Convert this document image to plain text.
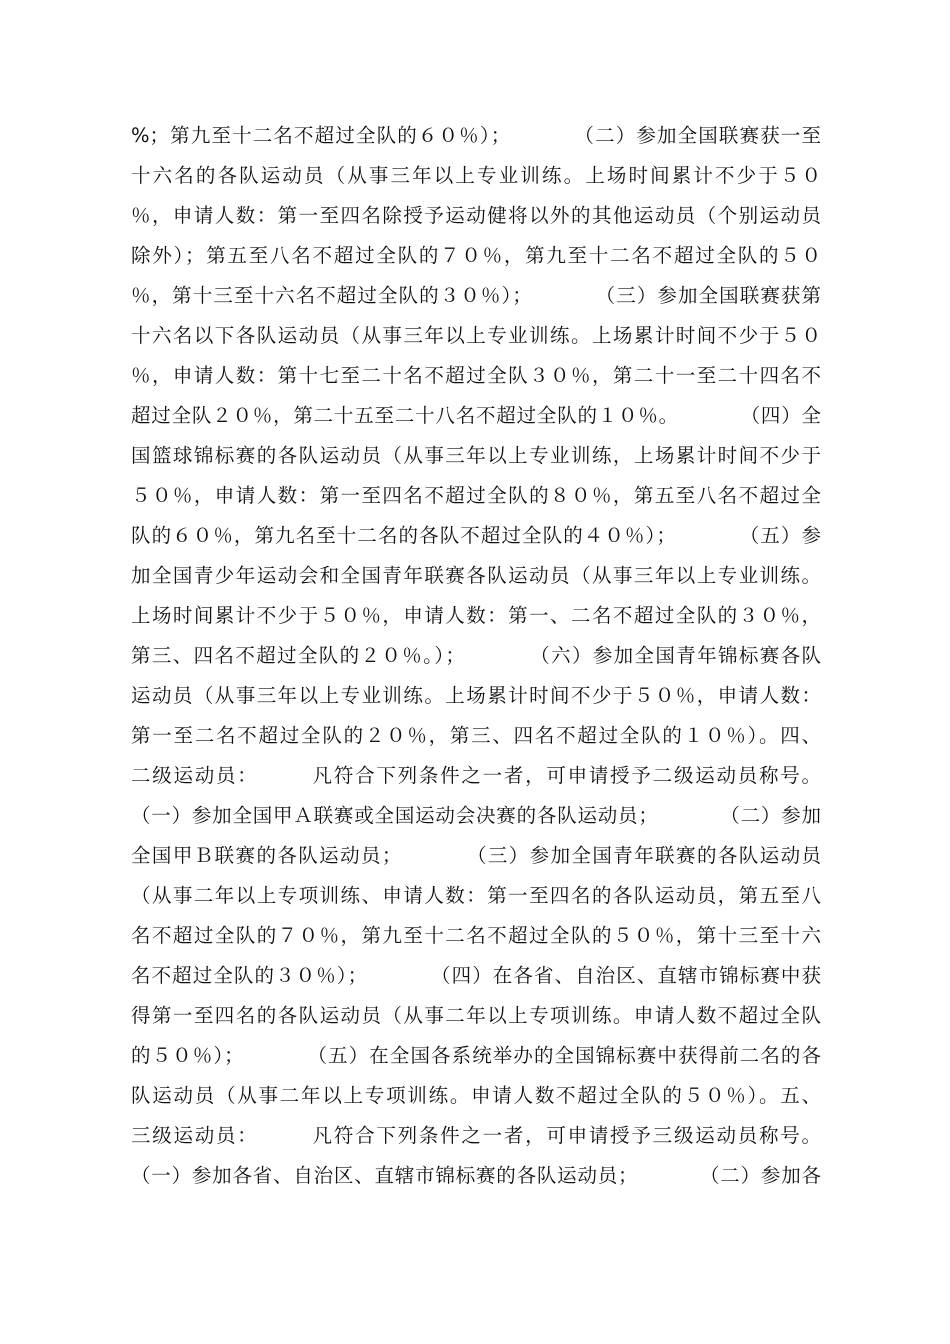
%；第九至十二名不超过全队的６０％）；　　　　（二）参加全国联赛获一至
十六名的各队运动员（从事三年以上专业训练。上场时间累计不少于５０
％，申请人数：第一至四名除授予运动健将以外的其他运动员（个别运动员
除外）；第五至八名不超过全队的７０％，第九至十二名不超过全队的５０
％，第十三至十六名不超过全队的３０％）；　　　　（三）参加全国联赛获第
十六名以下各队运动员（从事三年以上专业训练。上场累计时间不少于５０
％，申请人数：第十七至二十名不超过全队３０％，第二十一至二十四名不
超过全队２０％，第二十五至二十八名不超过全队的１０％。　　　　（四）全
国篮球锦标赛的各队运动员（从事三年以上专业训练，上场累计时间不少于
５０％，申请人数：第一至四名不超过全队的８０％，第五至八名不超过全
队的６０％，第九名至十二名的各队不超过全队的４０％）；　　　　（五）参
加全国青少年运动会和全国青年联赛各队运动员（从事三年以上专业训练。
上场时间累计不少于５０％，申请人数：第一、二名不超过全队的３０％，
第三、四名不超过全队的２０％。）；　　　　（六）参加全国青年锦标赛各队
运动员（从事三年以上专业训练。上场累计时间不少于５０％，申请人数：
第一至二名不超过全队的２０％，第三、四名不超过全队的１０％）。四、
二级运动员：　　　凡符合下列条件之一者，可申请授予二级运动员称号。
（一）参加全国甲Ａ联赛或全国运动会决赛的各队运动员；　　　　（二）参加
全国甲Ｂ联赛的各队运动员；　　　　（三）参加全国青年联赛的各队运动员
（从事二年以上专项训练、申请人数：第一至四名的各队运动员，第五至八
名不超过全队的７０％，第九至十二名不超过全队的５０％，第十三至十六
名不超过全队的３０％）；　　　　（四）在各省、自治区、直辖市锦标赛中获
得第一至四名的各队运动员（从事二年以上专项训练。申请人数不超过全队
的５０％）；　　　　（五）在全国各系统举办的全国锦标赛中获得前二名的各
队运动员（从事二年以上专项训练。申请人数不超过全队的５０％）。五、
三级运动员：　　　凡符合下列条件之一者，可申请授予三级运动员称号。
（一）参加各省、自治区、直辖市锦标赛的各队运动员；　　　　（二）参加各
